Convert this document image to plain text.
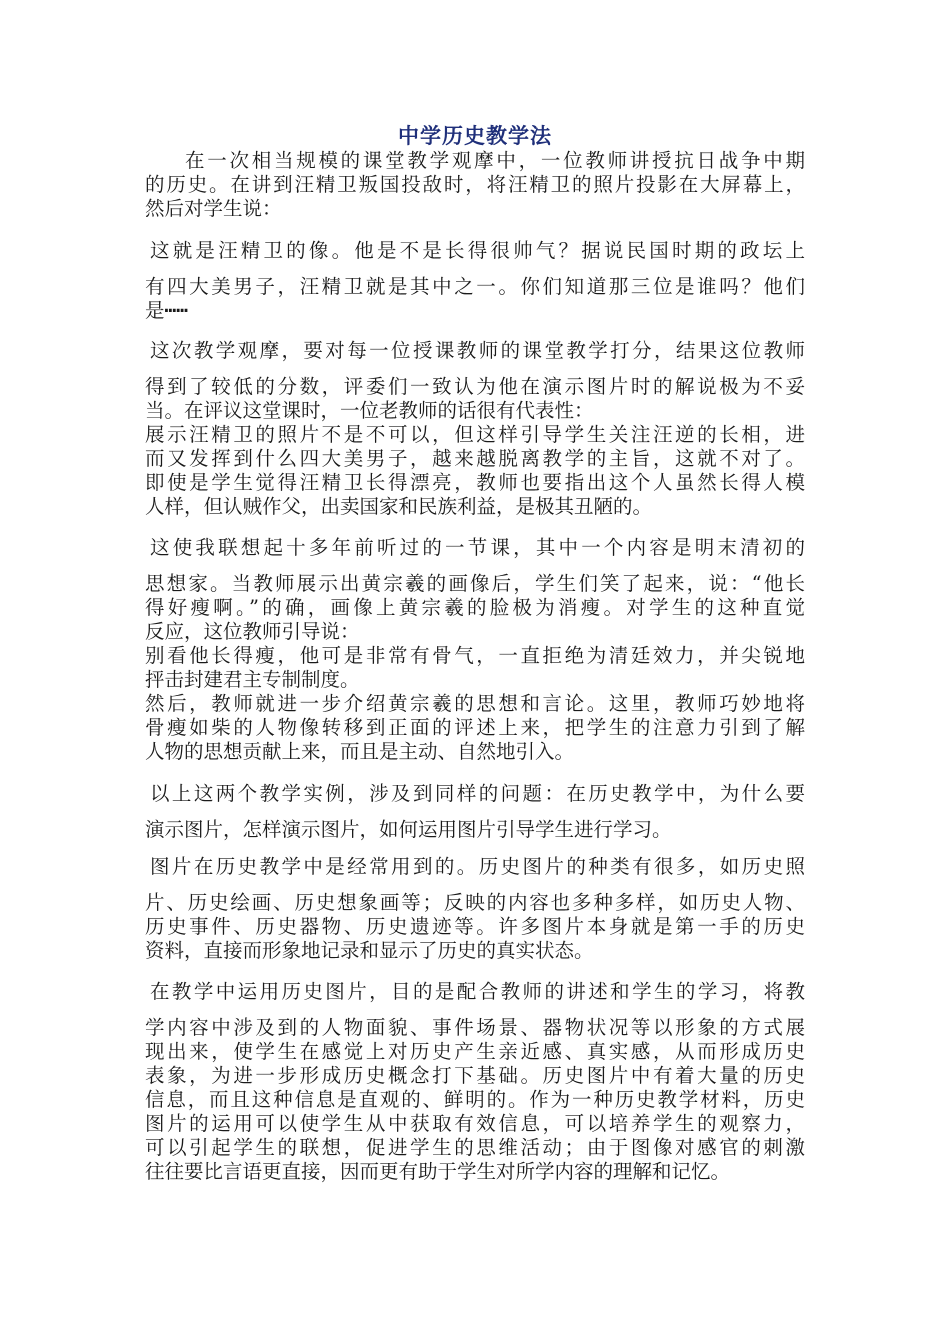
中学历史教学法
在一次相当规模的课堂教学观摩中，一位教师讲授抗日战争中期
的历史。在讲到汪精卫叛国投敌时，将汪精卫的照片投影在大屏幕上，
然后对学生说：
这就是汪精卫的像。他是不是长得很帅气？据说民国时期的政坛上
有四大美男子，汪精卫就是其中之一。你们知道那三位是谁吗？他们
是┅┅
这次教学观摩，要对每一位授课教师的课堂教学打分，结果这位教师
得到了较低的分数，评委们一致认为他在演示图片时的解说极为不妥
当。在评议这堂课时，一位老教师的话很有代表性：
展示汪精卫的照片不是不可以，但这样引导学生关注汪逆的长相，进
而又发挥到什么四大美男子，越来越脱离教学的主旨，这就不对了。
即使是学生觉得汪精卫长得漂亮，教师也要指出这个人虽然长得人模
人样，但认贼作父，出卖国家和民族利益，是极其丑陋的。
这使我联想起十多年前听过的一节课，其中一个内容是明末清初的
思想家。当教师展示出黄宗羲的画像后，学生们笑了起来，说：“他长
得好瘦啊。”的确，画像上黄宗羲的脸极为消瘦。对学生的这种直觉
反应，这位教师引导说：
别看他长得瘦，他可是非常有骨气，一直拒绝为清廷效力，并尖锐地
抨击封建君主专制制度。
然后，教师就进一步介绍黄宗羲的思想和言论。这里，教师巧妙地将
骨瘦如柴的人物像转移到正面的评述上来，把学生的注意力引到了解
人物的思想贡献上来，而且是主动、自然地引入。
以上这两个教学实例，涉及到同样的问题：在历史教学中，为什么要
演示图片，怎样演示图片，如何运用图片引导学生进行学习。
图片在历史教学中是经常用到的。历史图片的种类有很多，如历史照
片、历史绘画、历史想象画等；反映的内容也多种多样，如历史人物、
历史事件、历史器物、历史遗迹等。许多图片本身就是第一手的历史
资料，直接而形象地记录和显示了历史的真实状态。
在教学中运用历史图片，目的是配合教师的讲述和学生的学习，将教
学内容中涉及到的人物面貌、事件场景、器物状况等以形象的方式展
现出来，使学生在感觉上对历史产生亲近感、真实感，从而形成历史
表象，为进一步形成历史概念打下基础。历史图片中有着大量的历史
信息，而且这种信息是直观的、鲜明的。作为一种历史教学材料，历史
图片的运用可以使学生从中获取有效信息，可以培养学生的观察力，
可以引起学生的联想，促进学生的思维活动；由于图像对感官的刺激
往往要比言语更直接，因而更有助于学生对所学内容的理解和记忆。
